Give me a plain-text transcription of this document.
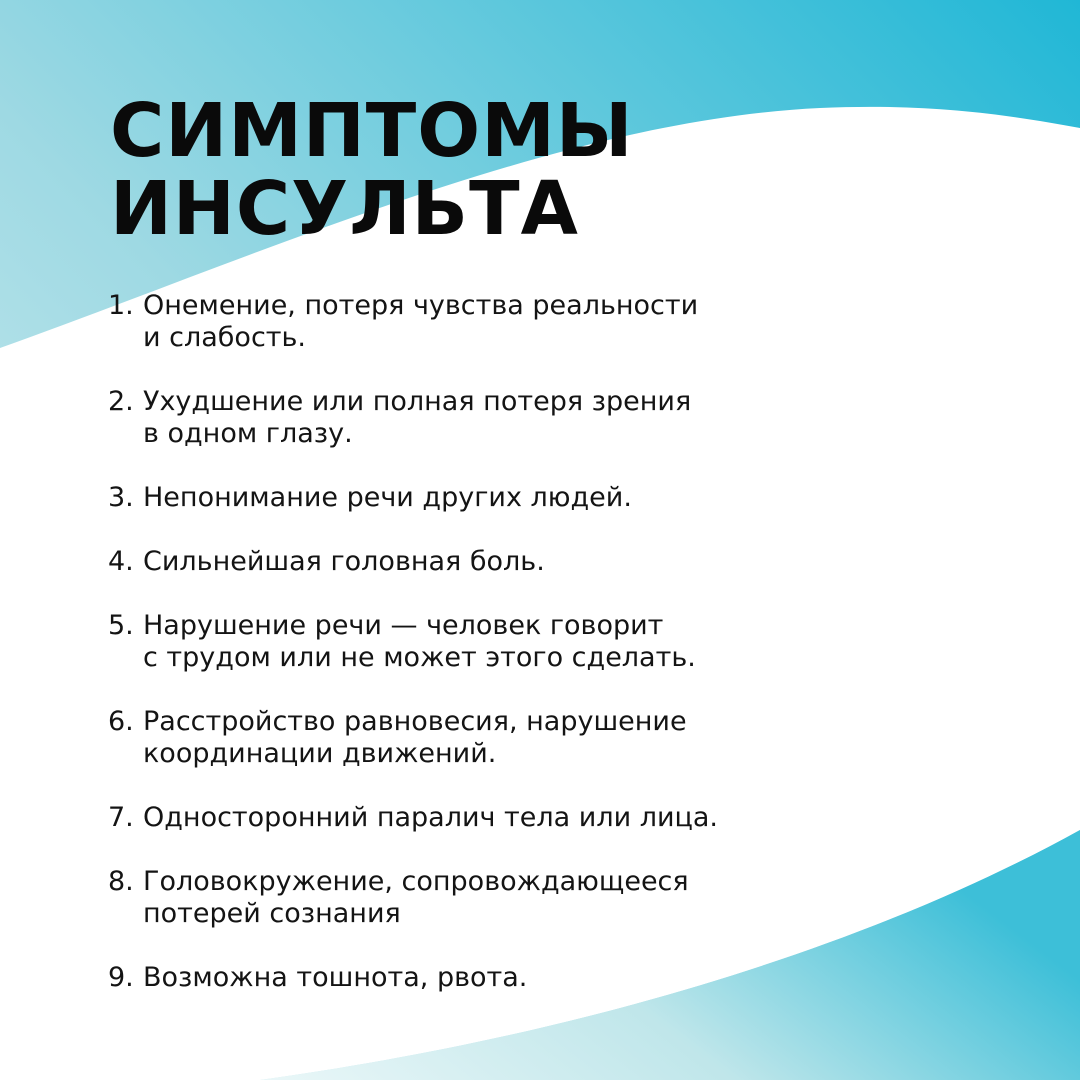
СИМПТОМЫ
ИНСУЛЬТА
1. Онемение, потеря чувства реальности
и слабость.
2. Ухудшение или полная потеря зрения
в одном глазу.
3. Непонимание речи других людей.
4. Сильнейшая головная боль.
5. Нарушение речи — человек говорит
с трудом или не может этого сделать.
6. Расстройство равновесия, нарушение
координации движений.
7. Односторонний паралич тела или лица.
8. Головокружение, сопровождающееся
потерей сознания
9. Возможна тошнота, рвота.
